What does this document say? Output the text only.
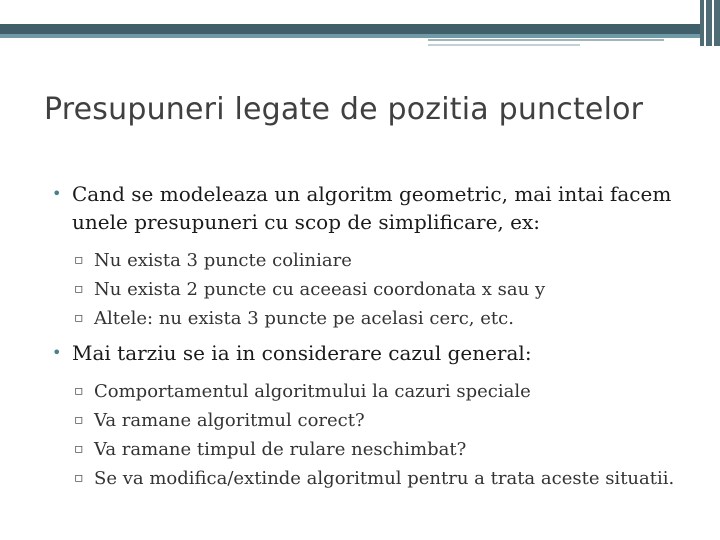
Presupuneri legate de pozitia punctelor

• Cand se modeleaza un algoritm geometric, mai intai facem unele presupuneri cu scop de simplificare, ex:

▫ Nu exista 3 puncte coliniare

▫ Nu exista 2 puncte cu aceeasi coordonata x sau y

▫ Altele: nu exista 3 puncte pe acelasi cerc, etc.

• Mai tarziu se ia in considerare cazul general:

▫ Comportamentul algoritmului la cazuri speciale

▫ Va ramane algoritmul corect?

▫ Va ramane timpul de rulare neschimbat?

▫ Se va modifica/extinde algoritmul pentru a trata aceste situatii.
